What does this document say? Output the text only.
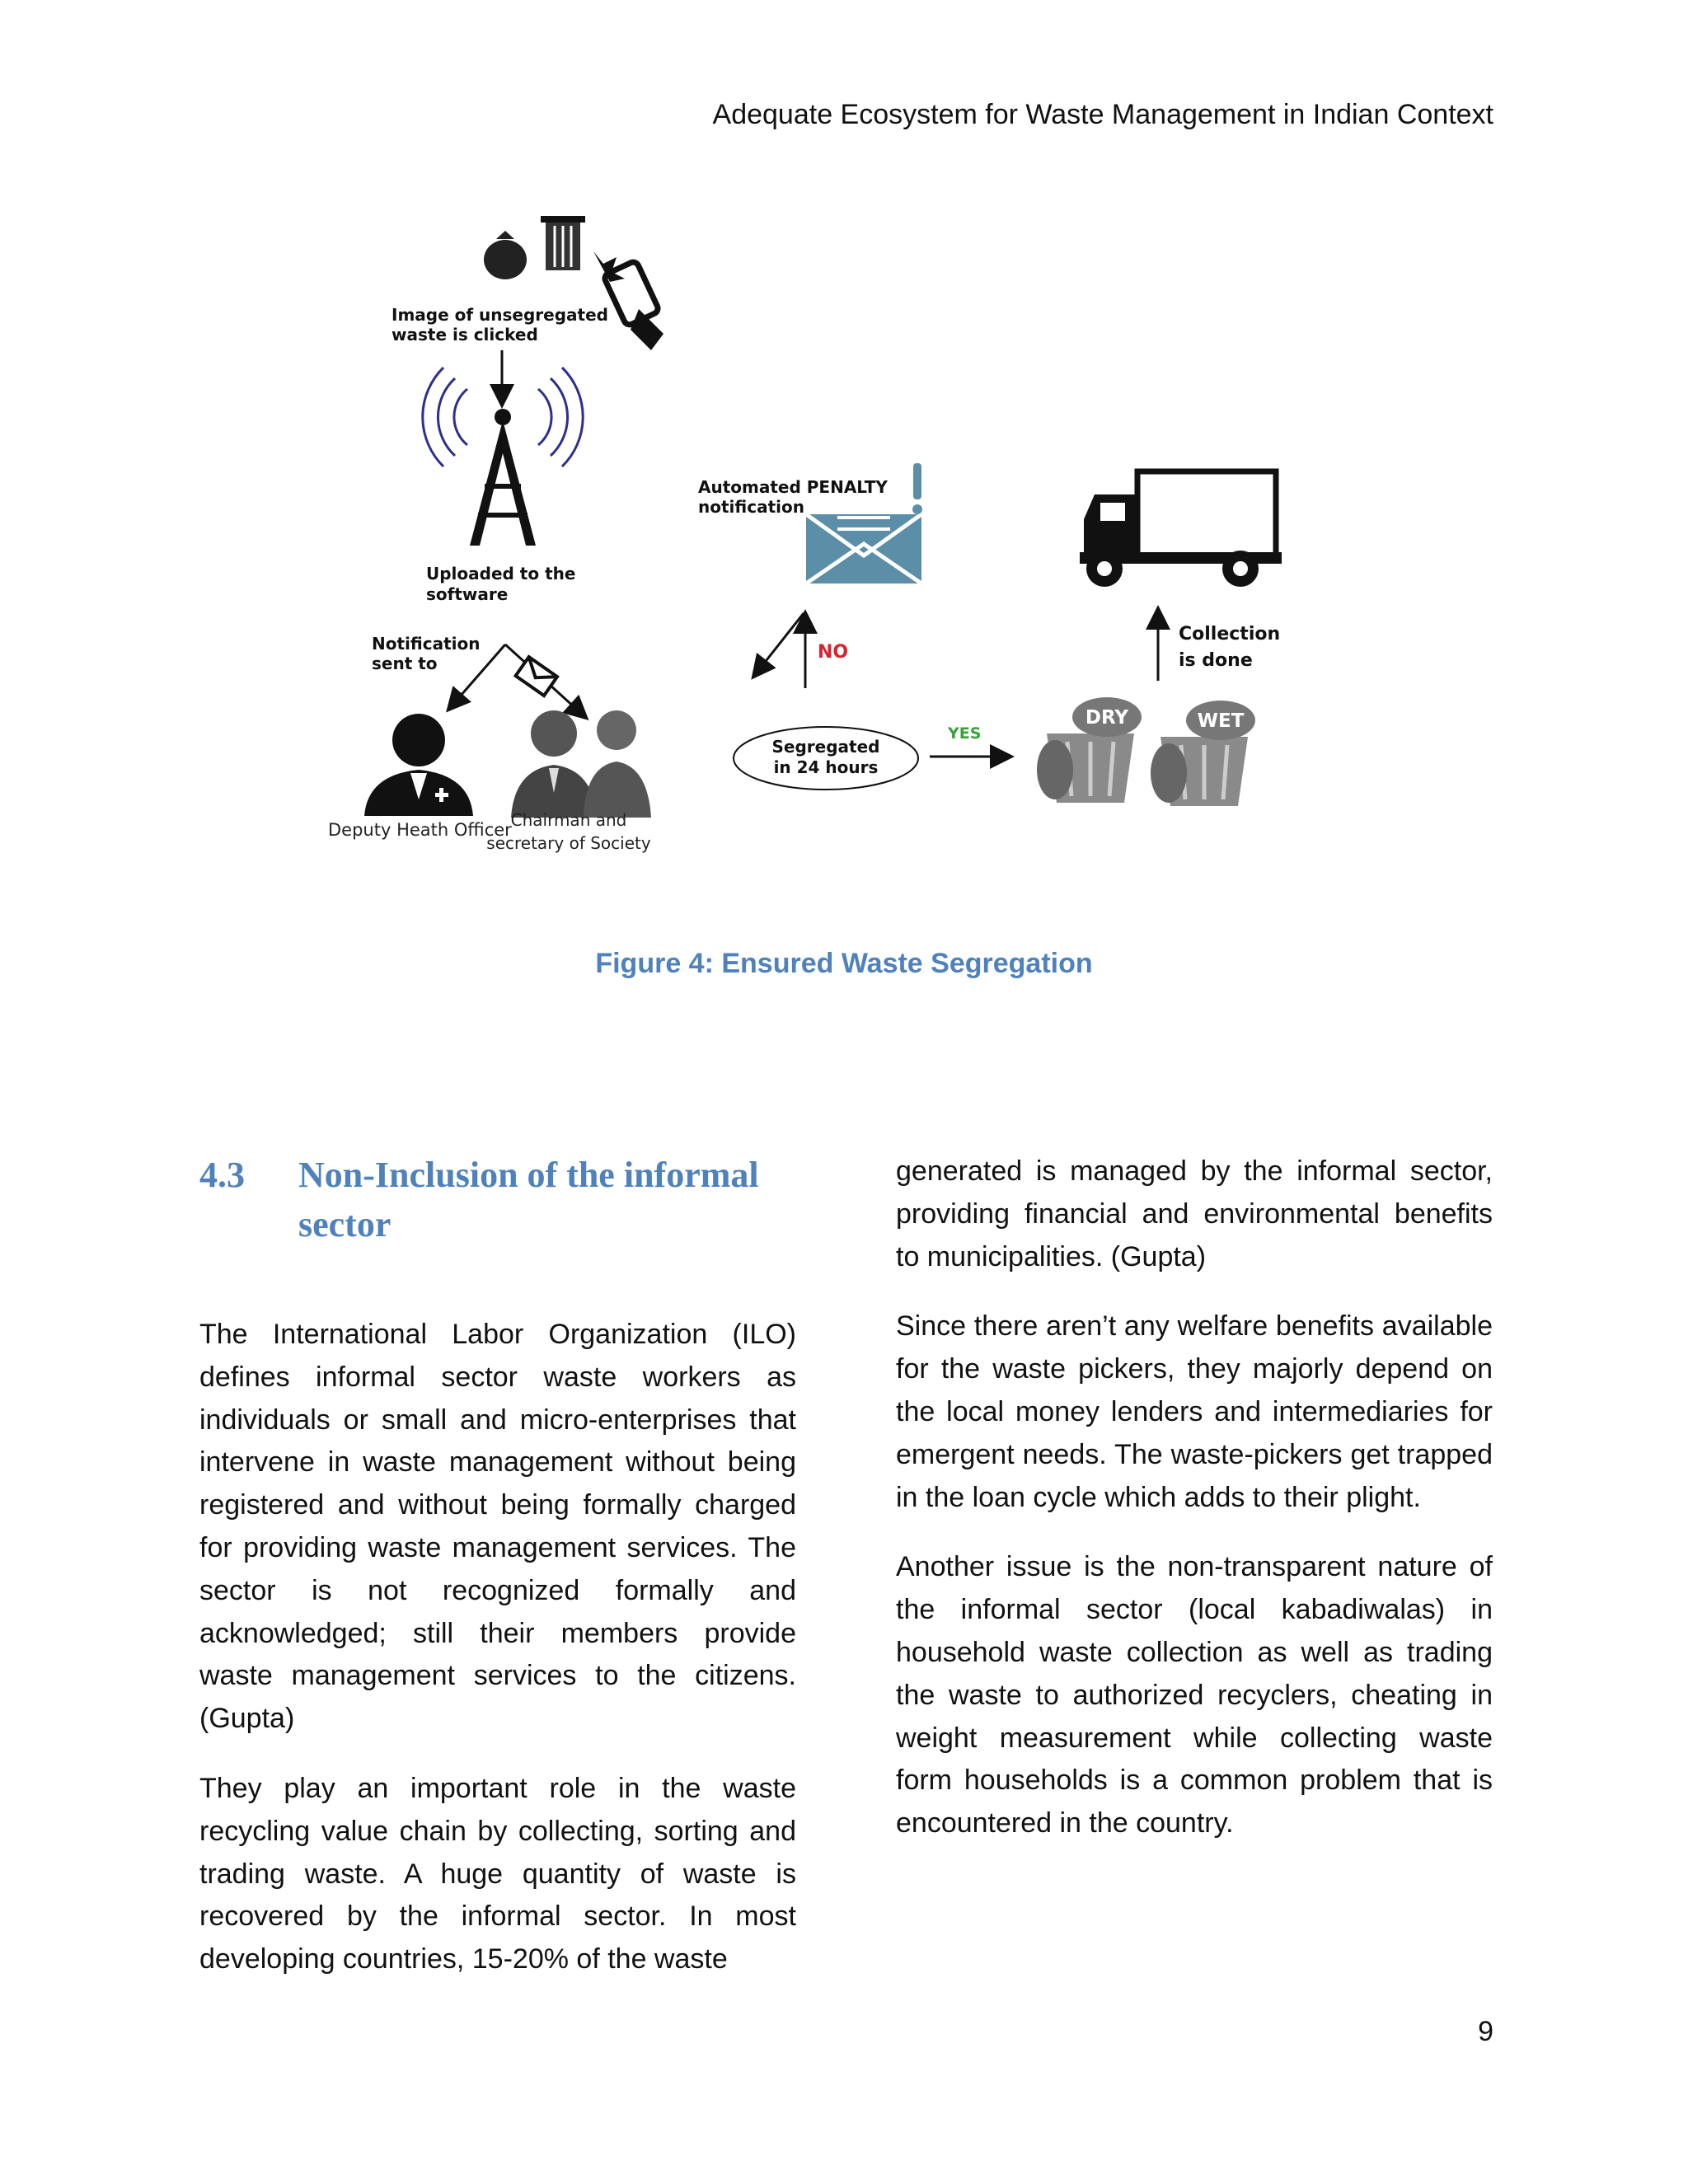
Adequate Ecosystem for Waste Management in Indian Context
Image of unsegregated
waste is clicked
Uploaded to the
software
Notification
sent to
Deputy Heath Officer
Chairman and
secretary of Society
Automated PENALTY
notification
NO
Segregated
in 24 hours
YES
DRY	WET
Collection
is done
Figure 4: Ensured Waste Segregation
4.3	Non-Inclusion of the informal sector

The International Labor Organization (ILO) defines informal sector waste workers as individuals or small and micro-enterprises that intervene in waste management without being registered and without being formally charged for providing waste management services. The sector is not recognized formally and acknowledged; still their members provide waste management services to the citizens. (Gupta)

They play an important role in the waste recycling value chain by collecting, sorting and trading waste. A huge quantity of waste is recovered by the informal sector. In most developing countries, 15-20% of the waste

generated is managed by the informal sector, providing financial and environmental benefits to municipalities. (Gupta)

Since there aren’t any welfare benefits available for the waste pickers, they majorly depend on the local money lenders and intermediaries for emergent needs. The waste-pickers get trapped in the loan cycle which adds to their plight.

Another issue is the non-transparent nature of the informal sector (local kabadiwalas) in household waste collection as well as trading the waste to authorized recyclers, cheating in weight measurement while collecting waste form households is a common problem that is encountered in the country.

9
